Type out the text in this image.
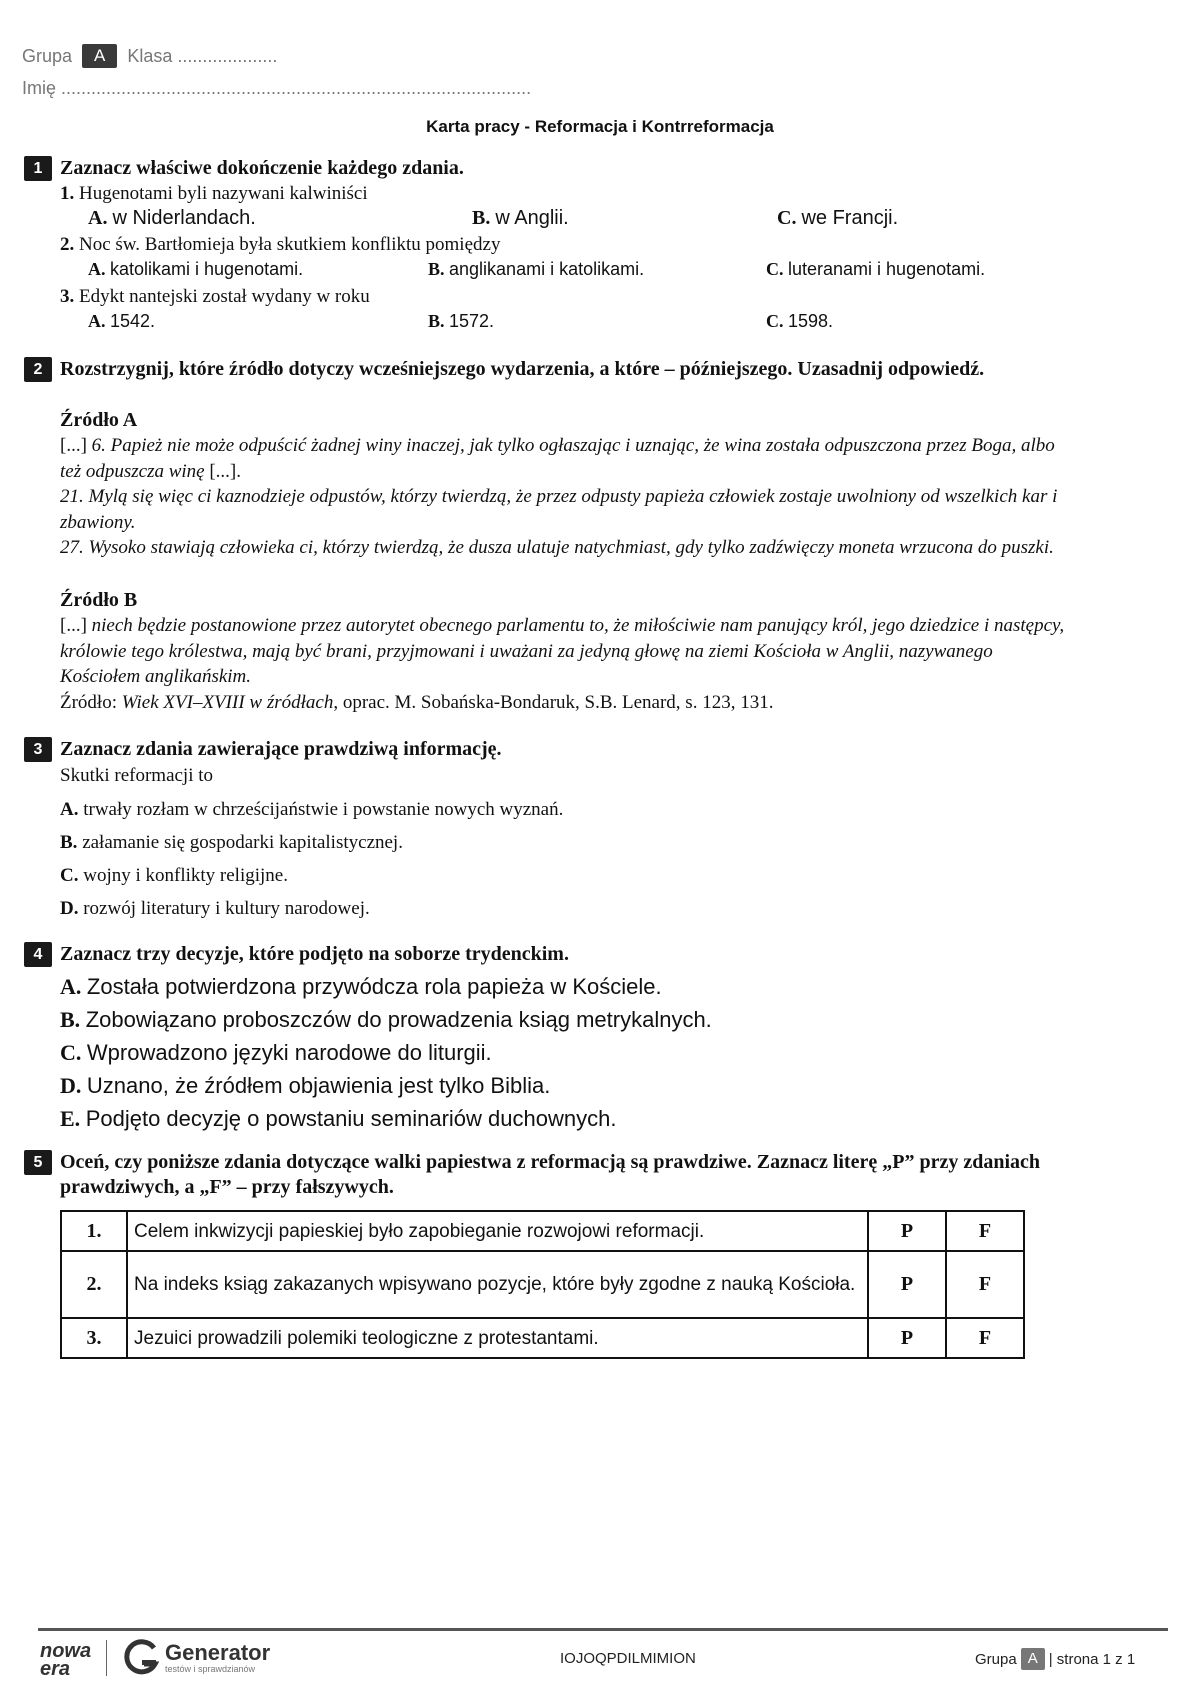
Grupa	A	Klasa ....................
Imię ..............................................................................................
Karta pracy - Reformacja i Kontrreformacja
1 Zaznacz właściwe dokończenie każdego zdania.
1. Hugenotami byli nazywani kalwiniści
A. w Niderlandach.	B. w Anglii.	C. we Francji.
2. Noc św. Bartłomieja była skutkiem konfliktu pomiędzy
A. katolikami i hugenotami.	B. anglikanami i katolikami.	C. luteranami i hugenotami.
3. Edykt nantejski został wydany w roku
A. 1542.	B. 1572.	C. 1598.
2 Rozstrzygnij, które źródło dotyczy wcześniejszego wydarzenia, a które – późniejszego. Uzasadnij odpowiedź.
Źródło A
[...] 6. Papież nie może odpuścić żadnej winy inaczej, jak tylko ogłaszając i uznając, że wina została odpuszczona przez Boga, albo też odpuszcza winę [...].
21. Mylą się więc ci kaznodzieje odpustów, którzy twierdzą, że przez odpusty papieża człowiek zostaje uwolniony od wszelkich kar i zbawiony.
27. Wysoko stawiają człowieka ci, którzy twierdzą, że dusza ulatuje natychmiast, gdy tylko zadźwięczy moneta wrzucona do puszki.
Źródło B
[...] niech będzie postanowione przez autorytet obecnego parlamentu to, że miłościwie nam panujący król, jego dziedzice i następcy, królowie tego królestwa, mają być brani, przyjmowani i uważani za jedyną głowę na ziemi Kościoła w Anglii, nazywanego Kościołem anglikańskim.
Źródło: Wiek XVI–XVIII w źródłach, oprac. M. Sobańska-Bondaruk, S.B. Lenard, s. 123, 131.
3 Zaznacz zdania zawierające prawdziwą informację.
Skutki reformacji to
A. trwały rozłam w chrześcijaństwie i powstanie nowych wyznań.
B. załamanie się gospodarki kapitalistycznej.
C. wojny i konflikty religijne.
D. rozwój literatury i kultury narodowej.
4 Zaznacz trzy decyzje, które podjęto na soborze trydenckim.
A. Została potwierdzona przywódcza rola papieża w Kościele.
B. Zobowiązano proboszczów do prowadzenia ksiąg metrykalnych.
C. Wprowadzono języki narodowe do liturgii.
D. Uznano, że źródłem objawienia jest tylko Biblia.
E. Podjęto decyzję o powstaniu seminariów duchownych.
5 Oceń, czy poniższe zdania dotyczące walki papiestwa z reformacją są prawdziwe. Zaznacz literę „P” przy zdaniach prawdziwych, a „F” – przy fałszywych.
1.	Celem inkwizycji papieskiej było zapobieganie rozwojowi reformacji.	P	F
2.	Na indeks ksiąg zakazanych wpisywano pozycje, które były zgodne z nauką Kościoła.	P	F
3.	Jezuici prowadzili polemiki teologiczne z protestantami.	P	F
nowa
era
Generator
testów i sprawdzianów
IOJOQPDILMIMION	Grupa A | strona 1 z 1
